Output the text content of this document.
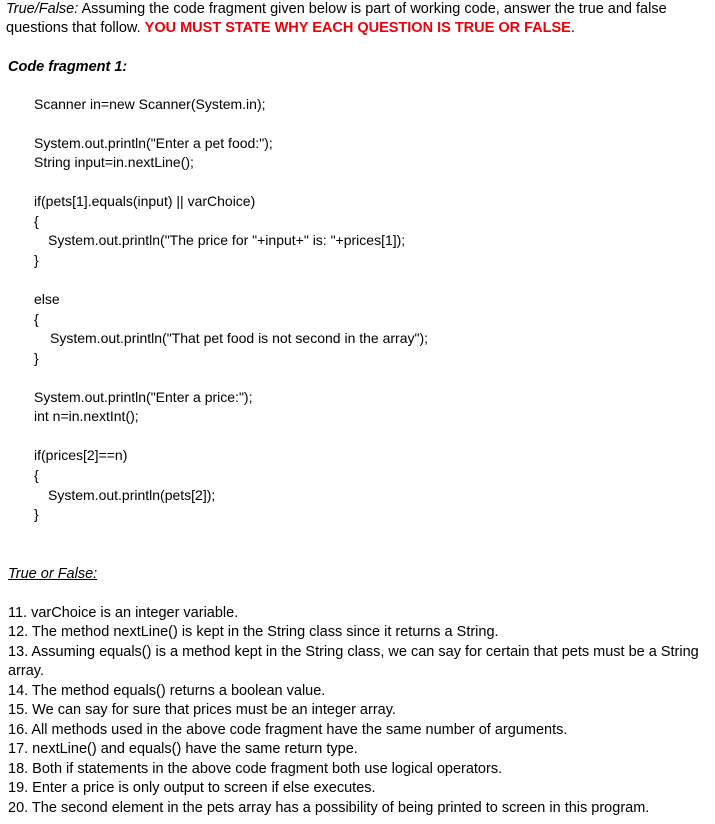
True/False: Assuming the code fragment given below is part of working code, answer the true and false questions that follow. YOU MUST STATE WHY EACH QUESTION IS TRUE OR FALSE.
Code fragment 1:
Scanner in=new Scanner(System.in);
System.out.println("Enter a pet food:");
String input=in.nextLine();
if(pets[1].equals(input) || varChoice)
{
System.out.println("The price for "+input+" is: "+prices[1]);
}
else
{
System.out.println("That pet food is not second in the array");
}
System.out.println("Enter a price:");
int n=in.nextInt();
if(prices[2]==n)
{
System.out.println(pets[2]);
}
True or False:
11. varChoice is an integer variable.
12. The method nextLine() is kept in the String class since it returns a String.
13. Assuming equals() is a method kept in the String class, we can say for certain that pets must be a String array.
14. The method equals() returns a boolean value.
15. We can say for sure that prices must be an integer array.
16. All methods used in the above code fragment have the same number of arguments.
17. nextLine() and equals() have the same return type.
18. Both if statements in the above code fragment both use logical operators.
19. Enter a price is only output to screen if else executes.
20. The second element in the pets array has a possibility of being printed to screen in this program.
